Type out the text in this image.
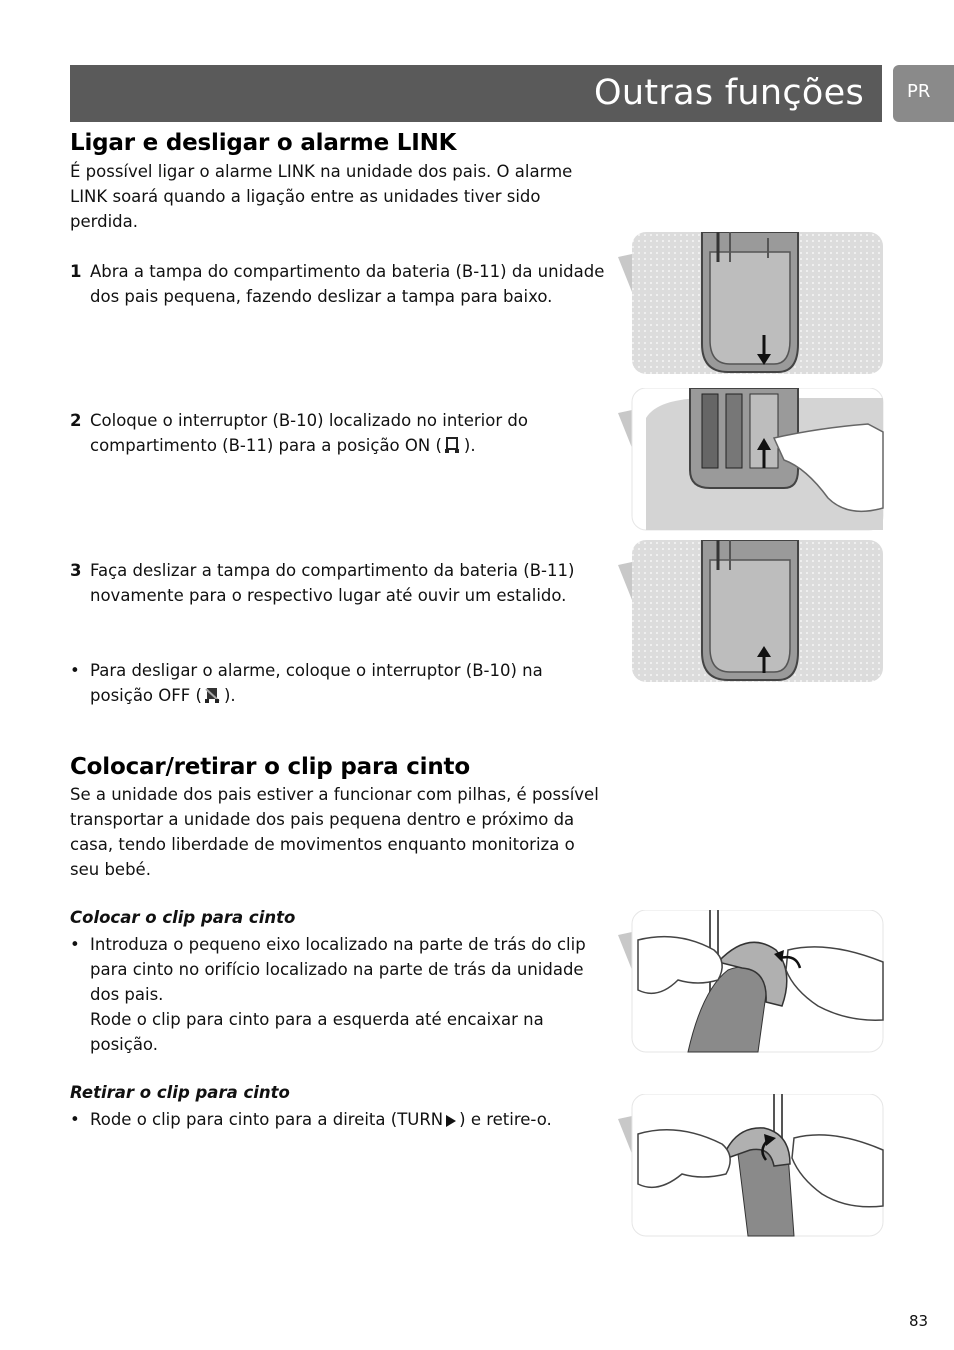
Outras funções PR
Ligar e desligar o alarme LINK

É possível ligar o alarme LINK na unidade dos pais. O alarme

LINK soará quando a ligação entre as unidades tiver sido

perdida.

1 Abra a tampa do compartimento da bateria (B-11) da unidade
dos pais pequena, fazendo deslizar a tampa para baixo.
2 Coloque o interruptor (B-10) localizado no interior do
compartimento (B-11) para a posição ON ( ).
3 Faça deslizar a tampa do compartimento da bateria (B-11)
novamente para o respectivo lugar até ouvir um estalido.
• Para desligar o alarme, coloque o interruptor (B-10) na
posição OFF ( ).
Colocar/retirar o clip para cinto

Se a unidade dos pais estiver a funcionar com pilhas, é possível

transportar a unidade dos pais pequena dentro e próximo da

casa, tendo liberdade de movimentos enquanto monitoriza o

seu bebé.

Colocar o clip para cinto
• Introduza o pequeno eixo localizado na parte de trás do clip
para cinto no orifício localizado na parte de trás da unidade
dos pais.
Rode o clip para cinto para a esquerda até encaixar na
posição.
Retirar o clip para cinto
• Rode o clip para cinto para a direita (TURN ) e retire-o.
83
